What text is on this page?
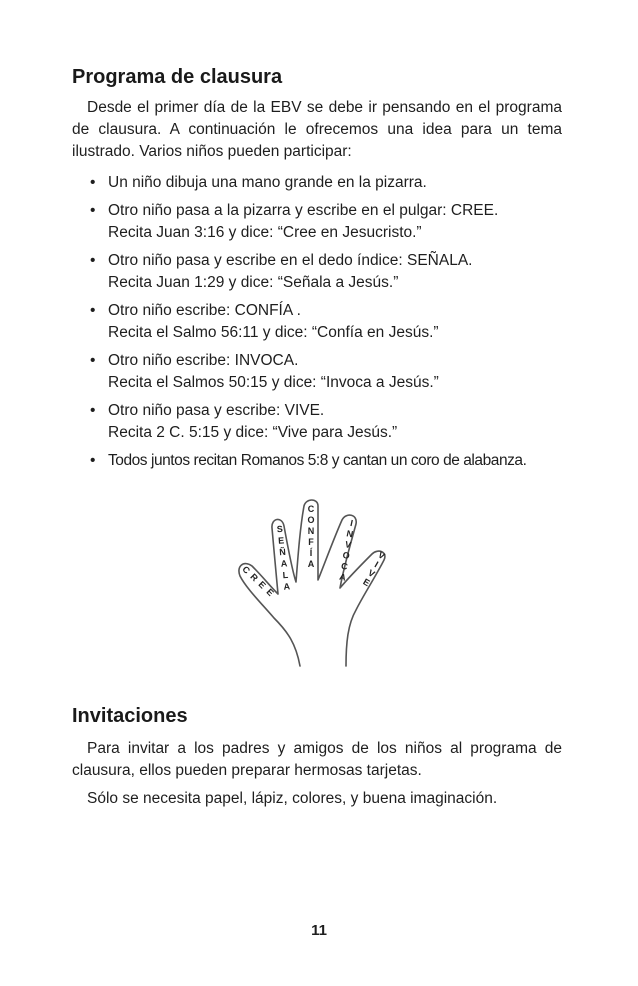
Programa de clausura

Desde el primer día de la EBV se debe ir pensando en el programa de clausura. A continuación le ofrecemos una idea para un tema ilustrado. Varios niños pueden participar:

• Un niño dibuja una mano grande en la pizarra.
• Otro niño pasa a la pizarra y escribe en el pulgar: CREE.
Recita Juan 3:16 y dice: “Cree en Jesucristo.”
• Otro niño pasa y escribe en el dedo índice: SEÑALA.
Recita Juan 1:29 y dice: “Señala a Jesús.”
• Otro niño escribe: CONFÍA .
Recita el Salmo 56:11 y dice: “Confía en Jesús.”
• Otro niño escribe: INVOCA.
Recita el Salmos 50:15 y dice: “Invoca a Jesús.”
• Otro niño pasa y escribe: VIVE.
Recita 2 C. 5:15 y dice: “Vive para Jesús.”
• Todos juntos recitan Romanos 5:8 y cantan un coro de alabanza.
C
R
E
E
S
E
Ñ
A
L
A
C
O
N
F
Í
A
I
N
V
O
C
A
V
I
V
E
Invitaciones

Para invitar a los padres y amigos de los niños al programa de clausura, ellos pueden preparar hermosas tarjetas.

Sólo se necesita papel, lápiz, colores, y buena imaginación.

11
